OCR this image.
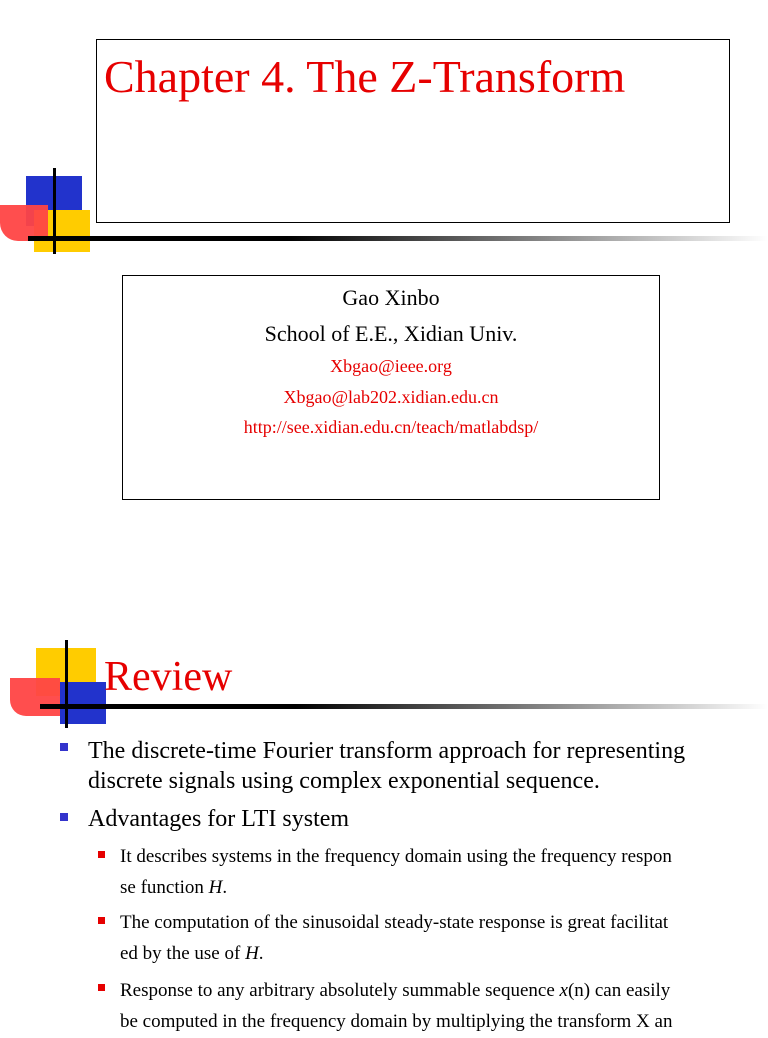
Chapter 4. The Z-Transform
Gao Xinbo
School of E.E., Xidian Univ.
Xbgao@ieee.org
Xbgao@lab202.xidian.edu.cn
http://see.xidian.edu.cn/teach/matlabdsp/
Review
The discrete-time Fourier transform approach for representing
discrete signals using complex exponential sequence.
Advantages for LTI system
It describes systems in the frequency domain using the frequency respon
se function H.
The computation of the sinusoidal steady-state response is great facilitat
ed by the use of H.
Response to any arbitrary absolutely summable sequence x(n) can easily
be computed in the frequency domain by multiplying the transform X an
